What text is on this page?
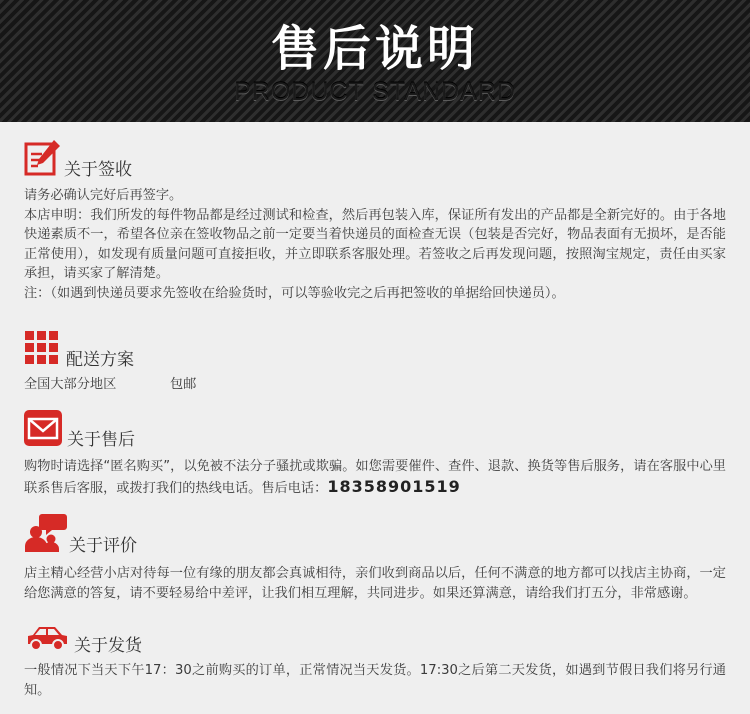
售后说明
PRODUCT STANDARD
关于签收

请务必确认完好后再签字。

本店申明：我们所发的每件物品都是经过测试和检查，然后再包装入库，保证所有发出的产品都是全新完好的。由于各地快递素质不一，希望各位亲在签收物品之前一定要当着快递员的面检查无误（包装是否完好，物品表面有无损坏，是否能正常使用），如发现有质量问题可直接拒收，并立即联系客服处理。若签收之后再发现问题，按照淘宝规定，责任由买家承担，请买家了解清楚。

注：（如遇到快递员要求先签收在给验货时，可以等验收完之后再把签收的单据给回快递员）。

配送方案
全国大部分地区	包邮
关于售后

购物时请选择“匿名购买”，以免被不法分子骚扰或欺骗。如您需要催件、查件、退款、换货等售后服务，请在客服中心里联系售后客服，或拨打我们的热线电话。售后电话：18358901519

关于评价

店主精心经营小店对待每一位有缘的朋友都会真诚相待，亲们收到商品以后，任何不满意的地方都可以找店主协商，一定给您满意的答复，请不要轻易给中差评，让我们相互理解，共同进步。如果还算满意，请给我们打五分，非常感谢。

关于发货

一般情况下当天下午17：30之前购买的订单，正常情况当天发货。17:30之后第二天发货，如遇到节假日我们将另行通知。
